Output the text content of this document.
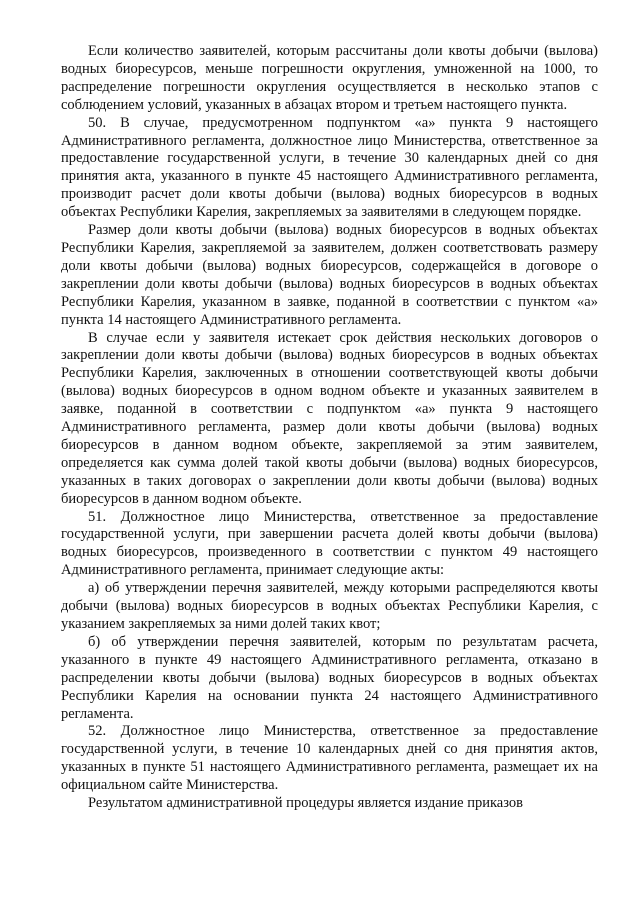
Если количество заявителей, которым рассчитаны доли квоты добычи (вылова) водных биоресурсов, меньше погрешности округления, умноженной на 1000, то распределение погрешности округления осуществляется в несколько этапов с соблюдением условий, указанных в абзацах втором и третьем настоящего пункта.

50. В случае, предусмотренном подпунктом «а» пункта 9 настоящего Административного регламента, должностное лицо Министерства, ответственное за предоставление государственной услуги, в течение 30 календарных дней со дня принятия акта, указанного в пункте 45 настоящего Административного регламента, производит расчет доли квоты добычи (вылова) водных биоресурсов в водных объектах Республики Карелия, закрепляемых за заявителями в следующем порядке.

Размер доли квоты добычи (вылова) водных биоресурсов в водных объектах Республики Карелия, закрепляемой за заявителем, должен соответствовать размеру доли квоты добычи (вылова) водных биоресурсов, содержащейся в договоре о закреплении доли квоты добычи (вылова) водных биоресурсов в водных объектах Республики Карелия, указанном в заявке, поданной в соответствии с пунктом «а» пункта 14 настоящего Административного регламента.

В случае если у заявителя истекает срок действия нескольких договоров о закреплении доли квоты добычи (вылова) водных биоресурсов в водных объектах Республики Карелия, заключенных в отношении соответствующей квоты добычи (вылова) водных биоресурсов в одном водном объекте и указанных заявителем в заявке, поданной в соответствии с подпунктом «а» пункта 9 настоящего Административного регламента, размер доли квоты добычи (вылова) водных биоресурсов в данном водном объекте, закрепляемой за этим заявителем, определяется как сумма долей такой квоты добычи (вылова) водных биоресурсов, указанных в таких договорах о закреплении доли квоты добычи (вылова) водных биоресурсов в данном водном объекте.

51. Должностное лицо Министерства, ответственное за предоставление государственной услуги, при завершении расчета долей квоты добычи (вылова) водных биоресурсов, произведенного в соответствии с пунктом 49 настоящего Административного регламента, принимает следующие акты:

а) об утверждении перечня заявителей, между которыми распределяются квоты добычи (вылова) водных биоресурсов в водных объектах Республики Карелия, с указанием закрепляемых за ними долей таких квот;

б) об утверждении перечня заявителей, которым по результатам расчета, указанного в пункте 49 настоящего Административного регламента, отказано в распределении квоты добычи (вылова) водных биоресурсов в водных объектах Республики Карелия на основании пункта 24 настоящего Административного регламента.

52. Должностное лицо Министерства, ответственное за предоставление государственной услуги, в течение 10 календарных дней со дня принятия актов, указанных в пункте 51 настоящего Административного регламента, размещает их на официальном сайте Министерства.

Результатом административной процедуры является издание приказов
